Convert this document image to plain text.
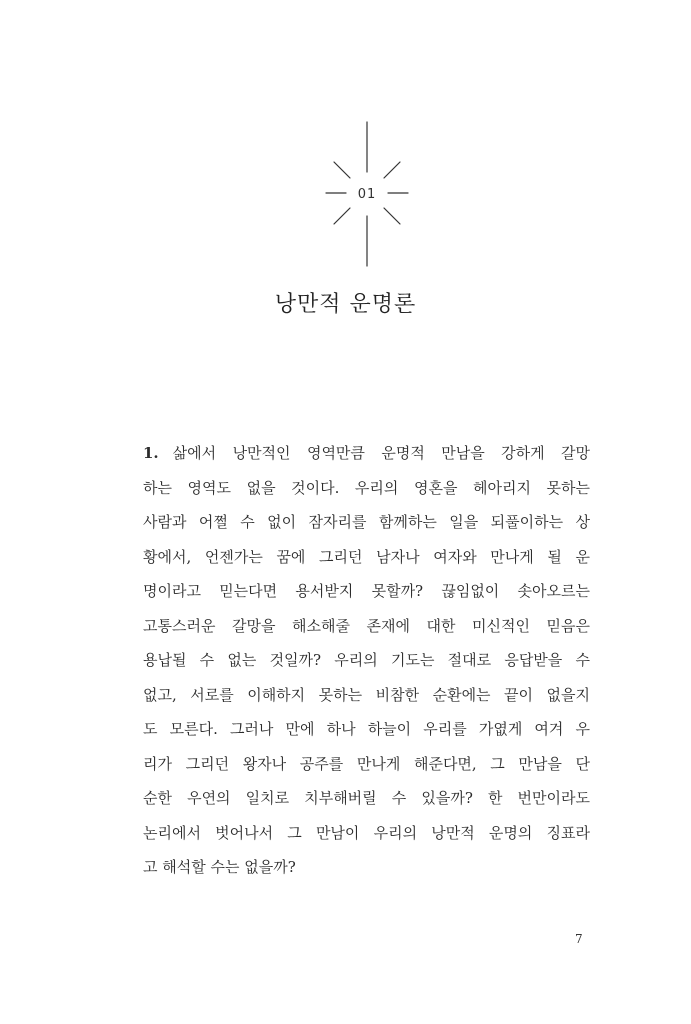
01
낭만적 운명론

1. 삶에서 낭만적인 영역만큼 운명적 만남을 강하게 갈망
하는 영역도 없을 것이다. 우리의 영혼을 헤아리지 못하는
사람과 어쩔 수 없이 잠자리를 함께하는 일을 되풀이하는 상
황에서, 언젠가는 꿈에 그리던 남자나 여자와 만나게 될 운
명이라고 믿는다면 용서받지 못할까? 끊임없이 솟아오르는
고통스러운 갈망을 해소해줄 존재에 대한 미신적인 믿음은
용납될 수 없는 것일까? 우리의 기도는 절대로 응답받을 수
없고, 서로를 이해하지 못하는 비참한 순환에는 끝이 없을지
도 모른다. 그러나 만에 하나 하늘이 우리를 가엾게 여겨 우
리가 그리던 왕자나 공주를 만나게 해준다면, 그 만남을 단
순한 우연의 일치로 치부해버릴 수 있을까? 한 번만이라도
논리에서 벗어나서 그 만남이 우리의 낭만적 운명의 징표라
고 해석할 수는 없을까?

7
